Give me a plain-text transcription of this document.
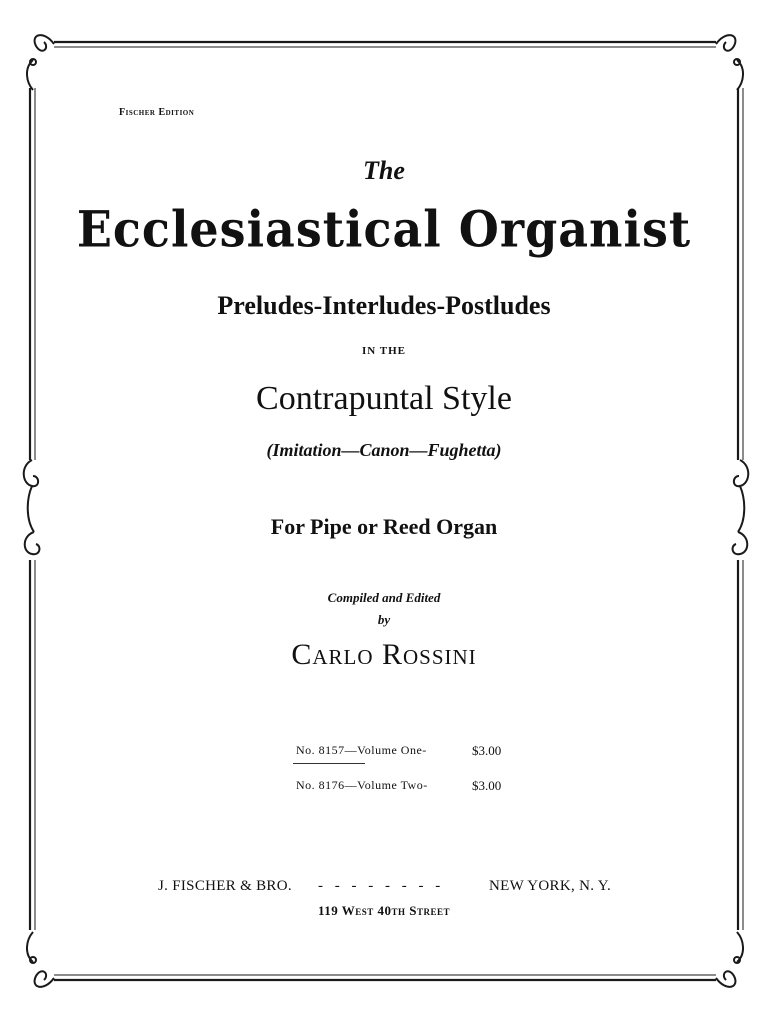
Fischer Edition
The
Ecclesiastical Organist
Preludes-Interludes-Postludes
IN THE
Contrapuntal Style
(Imitation—Canon—Fughetta)
For Pipe or Reed Organ
Compiled and Edited
by
Carlo Rossini
No. 8157—Volume One-	$3.00
No. 8176—Volume Two-	$3.00
J. FISCHER & BRO. - - - - - - - -	NEW YORK, N. Y.
119 West 40th Street
